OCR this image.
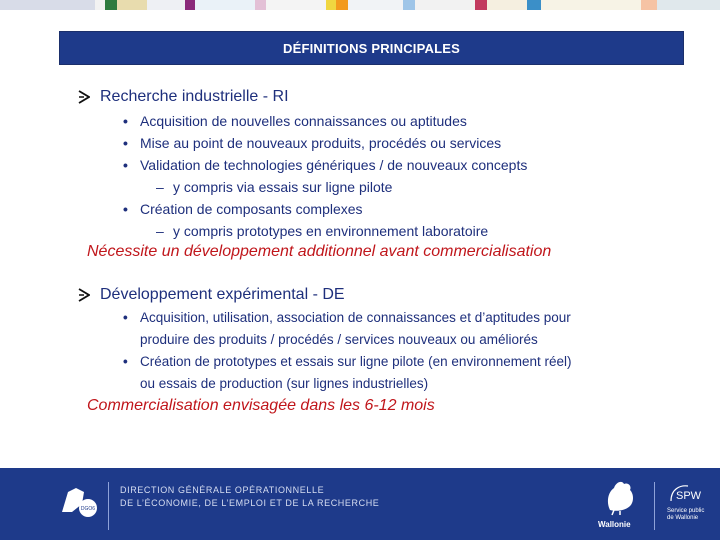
DÉFINITIONS PRINCIPALES
Recherche industrielle - RI
• Acquisition de nouvelles connaissances ou aptitudes
• Mise au point de nouveaux produits, procédés ou services
• Validation de technologies génériques / de nouveaux concepts
– y compris via essais sur ligne pilote
• Création de composants complexes
– y compris prototypes en environnement laboratoire
Nécessite un développement additionnel avant commercialisation
Développement expérimental - DE
• Acquisition, utilisation, association de connaissances et d’aptitudes pour
produire des produits / procédés / services nouveaux ou améliorés
• Création de prototypes et essais sur ligne pilote (en environnement réel)
ou essais de production (sur lignes industrielles)
Commercialisation envisagée dans les 6-12 mois
DGO6
DIRECTION GÉNÉRALE OPÉRATIONNELLE
DE L’ÉCONOMIE, DE L’EMPLOI ET DE LA RECHERCHE
Wallonie
SPW
Service public
de Wallonie
